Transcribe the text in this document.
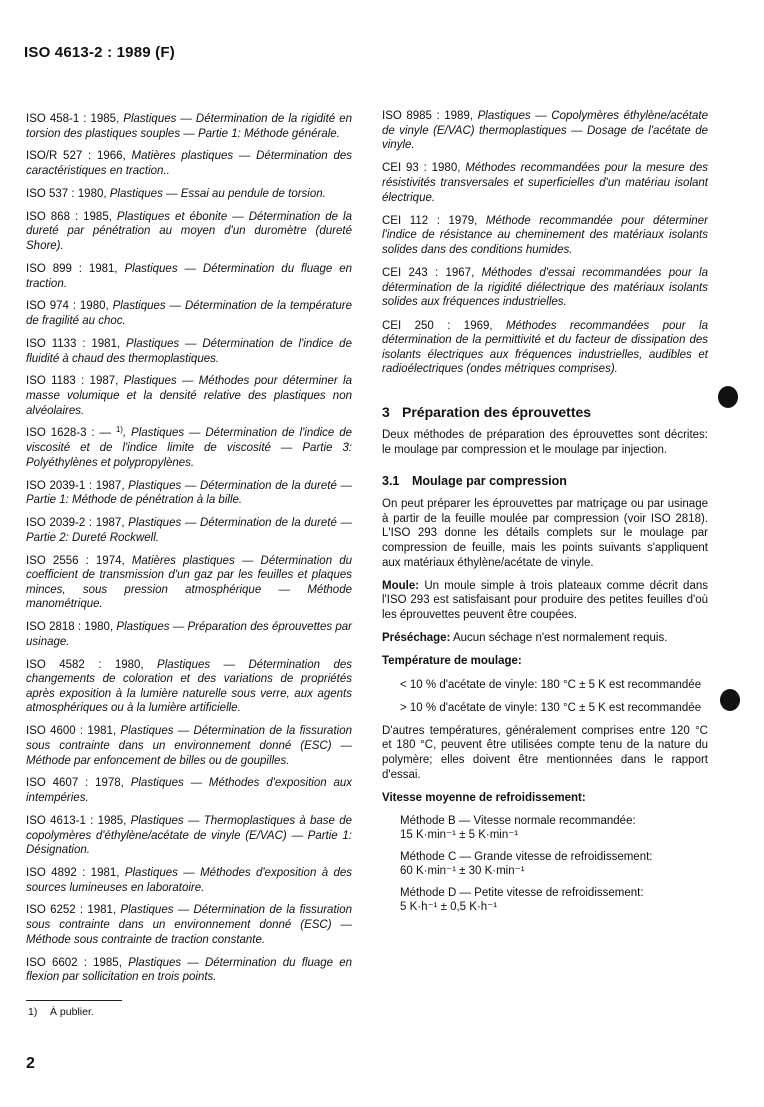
ISO 4613-2 : 1989 (F)

ISO 458-1 : 1985, Plastiques — Détermination de la rigidité en torsion des plastiques souples — Partie 1: Méthode générale.

ISO/R 527 : 1966, Matières plastiques — Détermination des caractéristiques en traction..

ISO 537 : 1980, Plastiques — Essai au pendule de torsion.

ISO 868 : 1985, Plastiques et ébonite — Détermination de la dureté par pénétration au moyen d'un duromètre (dureté Shore).

ISO 899 : 1981, Plastiques — Détermination du fluage en traction.

ISO 974 : 1980, Plastiques — Détermination de la température de fragilité au choc.

ISO 1133 : 1981, Plastiques — Détermination de l'indice de fluidité à chaud des thermoplastiques.

ISO 1183 : 1987, Plastiques — Méthodes pour déterminer la masse volumique et la densité relative des plastiques non alvéolaires.

ISO 1628-3 : — $^{1)}$, Plastiques — Détermination de l'indice de viscosité et de l'indice limite de viscosité — Partie 3: Polyéthylènes et polypropylènes.

ISO 2039-1 : 1987, Plastiques — Détermination de la dureté — Partie 1: Méthode de pénétration à la bille.

ISO 2039-2 : 1987, Plastiques — Détermination de la dureté — Partie 2: Dureté Rockwell.

ISO 2556 : 1974, Matières plastiques — Détermination du coefficient de transmission d'un gaz par les feuilles et plaques minces, sous pression atmosphérique — Méthode manométrique.

ISO 2818 : 1980, Plastiques — Préparation des éprouvettes par usinage.

ISO 4582 : 1980, Plastiques — Détermination des changements de coloration et des variations de propriétés après exposition à la lumière naturelle sous verre, aux agents atmosphériques ou à la lumière artificielle.

ISO 4600 : 1981, Plastiques — Détermination de la fissuration sous contrainte dans un environnement donné (ESC) — Méthode par enfoncement de billes ou de goupilles.

ISO 4607 : 1978, Plastiques — Méthodes d'exposition aux intempéries.

ISO 4613-1 : 1985, Plastiques — Thermoplastiques à base de copolymères d'éthylène/acétate de vinyle (E/VAC) — Partie 1: Désignation.

ISO 4892 : 1981, Plastiques — Méthodes d'exposition à des sources lumineuses en laboratoire.

ISO 6252 : 1981, Plastiques — Détermination de la fissuration sous contrainte dans un environnement donné (ESC) — Méthode sous contrainte de traction constante.

ISO 6602 : 1985, Plastiques — Détermination du fluage en flexion par sollicitation en trois points.

ISO 8985 : 1989, Plastiques — Copolymères éthylène/acétate de vinyle (E/VAC) thermoplastiques — Dosage de l'acétate de vinyle.

CEI 93 : 1980, Méthodes recommandées pour la mesure des résistivités transversales et superficielles d'un matériau isolant électrique.

CEI 112 : 1979, Méthode recommandée pour déterminer l'indice de résistance au cheminement des matériaux isolants solides dans des conditions humides.

CEI 243 : 1967, Méthodes d'essai recommandées pour la détermination de la rigidité diélectrique des matériaux isolants solides aux fréquences industrielles.

CEI 250 : 1969, Méthodes recommandées pour la détermination de la permittivité et du facteur de dissipation des isolants électriques aux fréquences industrielles, audibles et radioélectriques (ondes métriques comprises).

3 Préparation des éprouvettes

Deux méthodes de préparation des éprouvettes sont décrites: le moulage par compression et le moulage par injection.

3.1 Moulage par compression

On peut préparer les éprouvettes par matriçage ou par usinage à partir de la feuille moulée par compression (voir ISO 2818). L'ISO 293 donne les détails complets sur le moulage par compression de feuille, mais les points suivants s'appliquent aux matériaux éthylène/acétate de vinyle.

Moule: Un moule simple à trois plateaux comme décrit dans l'ISO 293 est satisfaisant pour produire des petites feuilles d'où les éprouvettes peuvent être coupées.

Préséchage: Aucun séchage n'est normalement requis.

Température de moulage:

< 10 % d'acétate de vinyle: 180 °C ± 5 K est recommandée

> 10 % d'acétate de vinyle: 130 °C ± 5 K est recommandée

D'autres températures, généralement comprises entre 120 °C et 180 °C, peuvent être utilisées compte tenu de la nature du polymère; elles doivent être mentionnées dans le rapport d'essai.

Vitesse moyenne de refroidissement:

Méthode B — Vitesse normale recommandée:
15 K·min⁻¹ ± 5 K·min⁻¹
Méthode C — Grande vitesse de refroidissement:
60 K·min⁻¹ ± 30 K·min⁻¹
Méthode D — Petite vitesse de refroidissement:
5 K·h⁻¹ ± 0,5 K·h⁻¹
1) À publier.
2
